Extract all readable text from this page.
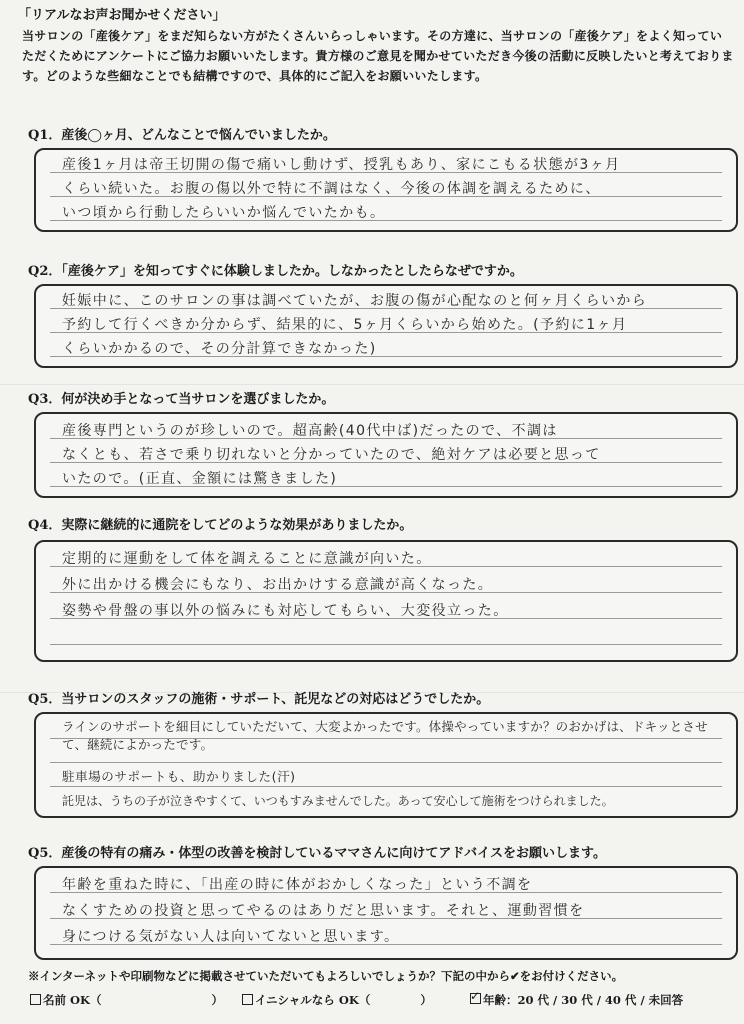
「リアルなお声お聞かせください」
当サロンの「産後ケア」をまだ知らない方がたくさんいらっしゃいます。その方達に、当サロンの「産後ケア」をよく知っていただくためにアンケートにご協力お願いいたします。貴方様のご意見を聞かせていただき今後の活動に反映したいと考えております。どのような些細なことでも結構ですので、具体的にご記入をお願いいたします。
Q1．産後◯ヶ月、どんなことで悩んでいましたか。
産後1ヶ月は帝王切開の傷で痛いし動けず、授乳もあり、家にこもる状態が3ヶ月
くらい続いた。お腹の傷以外で特に不調はなく、今後の体調を調えるために、
いつ頃から行動したらいいか悩んでいたかも。
Q2．「産後ケア」を知ってすぐに体験しましたか。しなかったとしたらなぜですか。
妊娠中に、このサロンの事は調べていたが、お腹の傷が心配なのと何ヶ月くらいから
予約して行くべきか分からず、結果的に、5ヶ月くらいから始めた。(予約に1ヶ月
くらいかかるので、その分計算できなかった)
Q3．何が決め手となって当サロンを選びましたか。
産後専門というのが珍しいので。超高齢(40代中ば)だったので、不調は
なくとも、若さで乗り切れないと分かっていたので、絶対ケアは必要と思って
いたので。(正直、金額には驚きました)
Q4．実際に継続的に通院をしてどのような効果がありましたか。
定期的に運動をして体を調えることに意識が向いた。
外に出かける機会にもなり、お出かけする意識が高くなった。
姿勢や骨盤の事以外の悩みにも対応してもらい、大変役立った。
Q5．当サロンのスタッフの施術・サポート、託児などの対応はどうでしたか。
ラインのサポートを細目にしていただいて、大変よかったです。体操やっていますか？のおかげは、ドキッとさせて、継続によかったです。
駐車場のサポートも、助かりました(汗)
託児は、うちの子が泣きやすくて、いつもすみませんでした。あって安心して施術をつけられました。
Q5．産後の特有の痛み・体型の改善を検討しているママさんに向けてアドバイスをお願いします。
年齢を重ねた時に、「出産の時に体がおかしくなった」という不調を
なくすための投資と思ってやるのはありだと思います。それと、運動習慣を
身につける気がない人は向いてないと思います。
※インターネットや印刷物などに掲載させていただいてもよろしいでしょうか？下記の中から✔をお付けください。
名前 OK（	）	イニシャルなら OK（	）	✓ 年齢：20 代 / 30 代 / 40 代 / 未回答
